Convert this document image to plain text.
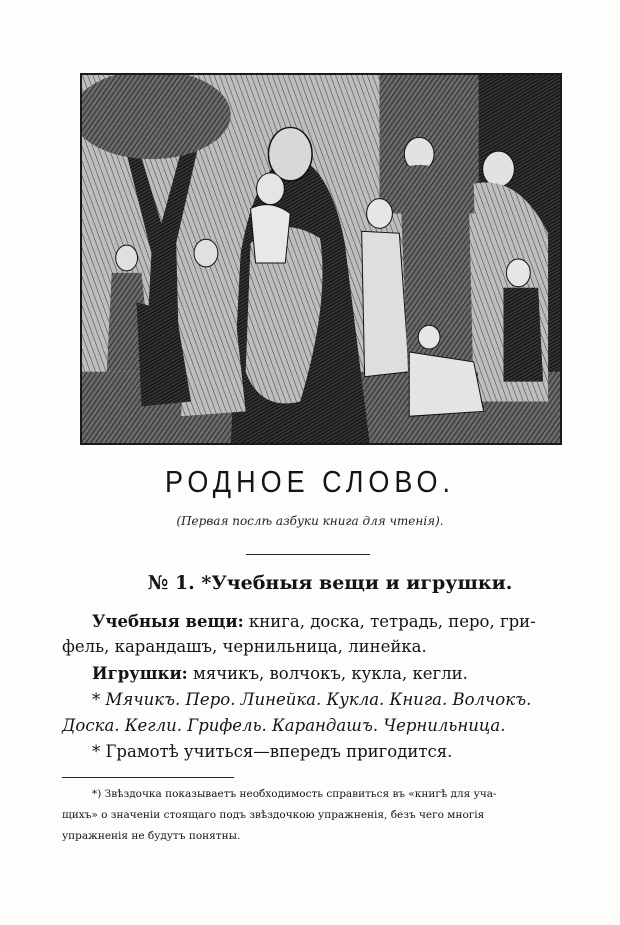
РОДНОЕ СЛОВО.
(Первая послѣ азбуки книга для чтенія).
№ 1. *Учебныя вещи и игрушки.
Учебныя вещи: книга, доска, тетрадь, перо, гри-
фель, карандашъ, чернильница, линейка.
Игрушки: мячикъ, волчокъ, кукла, кегли.
* Мячикъ. Перо. Линейка. Кукла. Книга. Волчокъ.
Доска. Кегли. Грифель. Карандашъ. Чернильница.
* Грамотѣ учиться—впередъ пригодится.
*) Звѣздочка показываетъ необходимость справиться въ «книгѣ для уча-
щихъ» о значеніи стоящаго подъ звѣздочкою упражненія, безъ чего многія
упражненія не будутъ понятны.
